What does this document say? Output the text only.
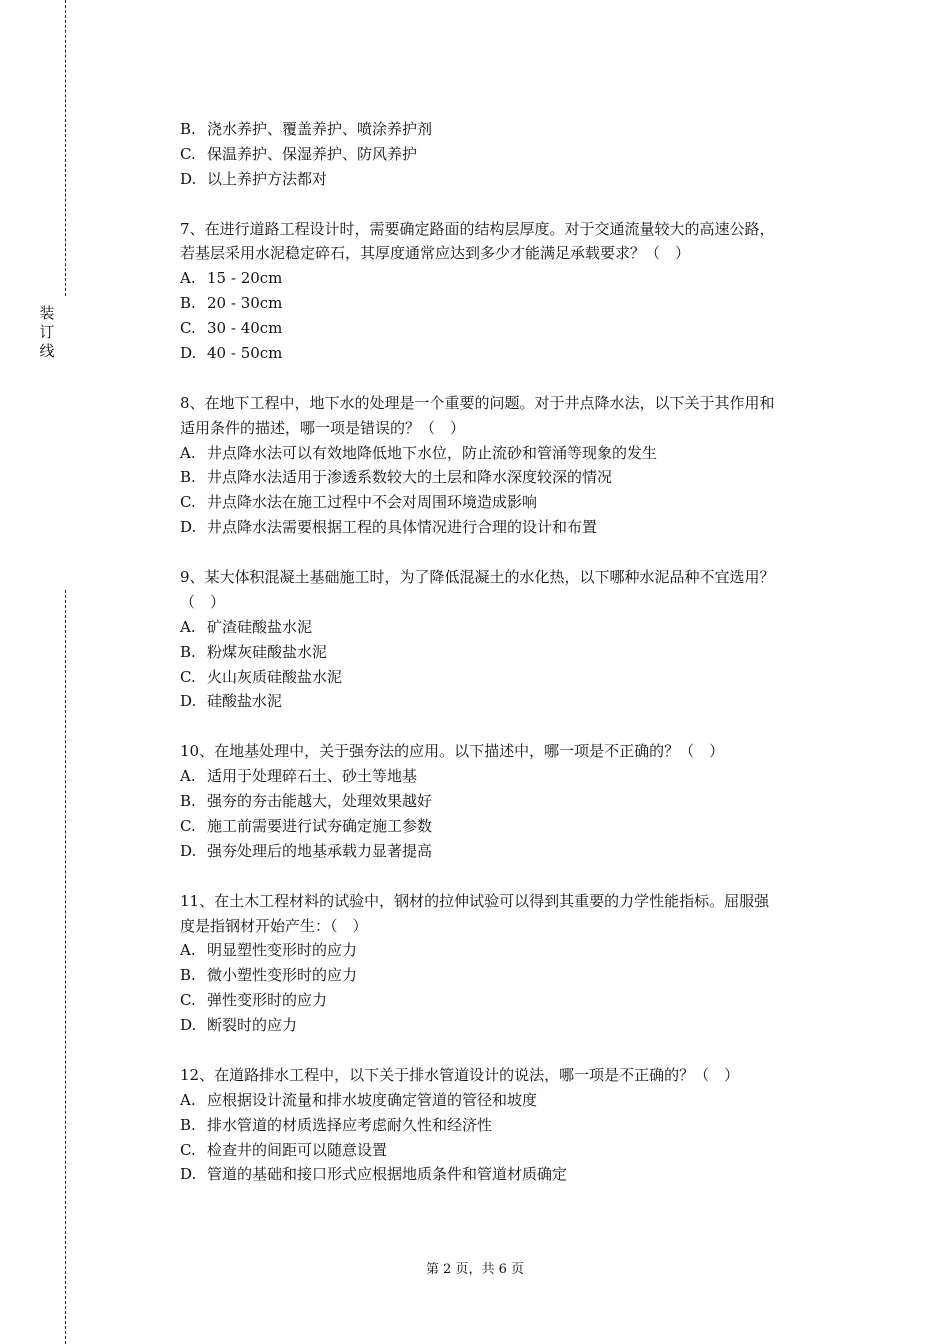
装
订
线
B. 浇水养护、覆盖养护、喷涂养护剂
C. 保温养护、保湿养护、防风养护
D. 以上养护方法都对
7、在进行道路工程设计时，需要确定路面的结构层厚度。对于交通流量较大的高速公路，
若基层采用水泥稳定碎石，其厚度通常应达到多少才能满足承载要求？（　）
A. 15 - 20cm
B. 20 - 30cm
C. 30 - 40cm
D. 40 - 50cm
8、在地下工程中，地下水的处理是一个重要的问题。对于井点降水法，以下关于其作用和
适用条件的描述，哪一项是错误的？（　）
A. 井点降水法可以有效地降低地下水位，防止流砂和管涌等现象的发生
B. 井点降水法适用于渗透系数较大的土层和降水深度较深的情况
C. 井点降水法在施工过程中不会对周围环境造成影响
D. 井点降水法需要根据工程的具体情况进行合理的设计和布置
9、某大体积混凝土基础施工时，为了降低混凝土的水化热，以下哪种水泥品种不宜选用？
（　）
A. 矿渣硅酸盐水泥
B. 粉煤灰硅酸盐水泥
C. 火山灰质硅酸盐水泥
D. 硅酸盐水泥
10、在地基处理中，关于强夯法的应用。以下描述中，哪一项是不正确的？（　）
A. 适用于处理碎石土、砂土等地基
B. 强夯的夯击能越大，处理效果越好
C. 施工前需要进行试夯确定施工参数
D. 强夯处理后的地基承载力显著提高
11、在土木工程材料的试验中，钢材的拉伸试验可以得到其重要的力学性能指标。屈服强
度是指钢材开始产生：（　）
A. 明显塑性变形时的应力
B. 微小塑性变形时的应力
C. 弹性变形时的应力
D. 断裂时的应力
12、在道路排水工程中，以下关于排水管道设计的说法，哪一项是不正确的？（　）
A. 应根据设计流量和排水坡度确定管道的管径和坡度
B. 排水管道的材质选择应考虑耐久性和经济性
C. 检查井的间距可以随意设置
D. 管道的基础和接口形式应根据地质条件和管道材质确定
第 2 页，共 6 页
